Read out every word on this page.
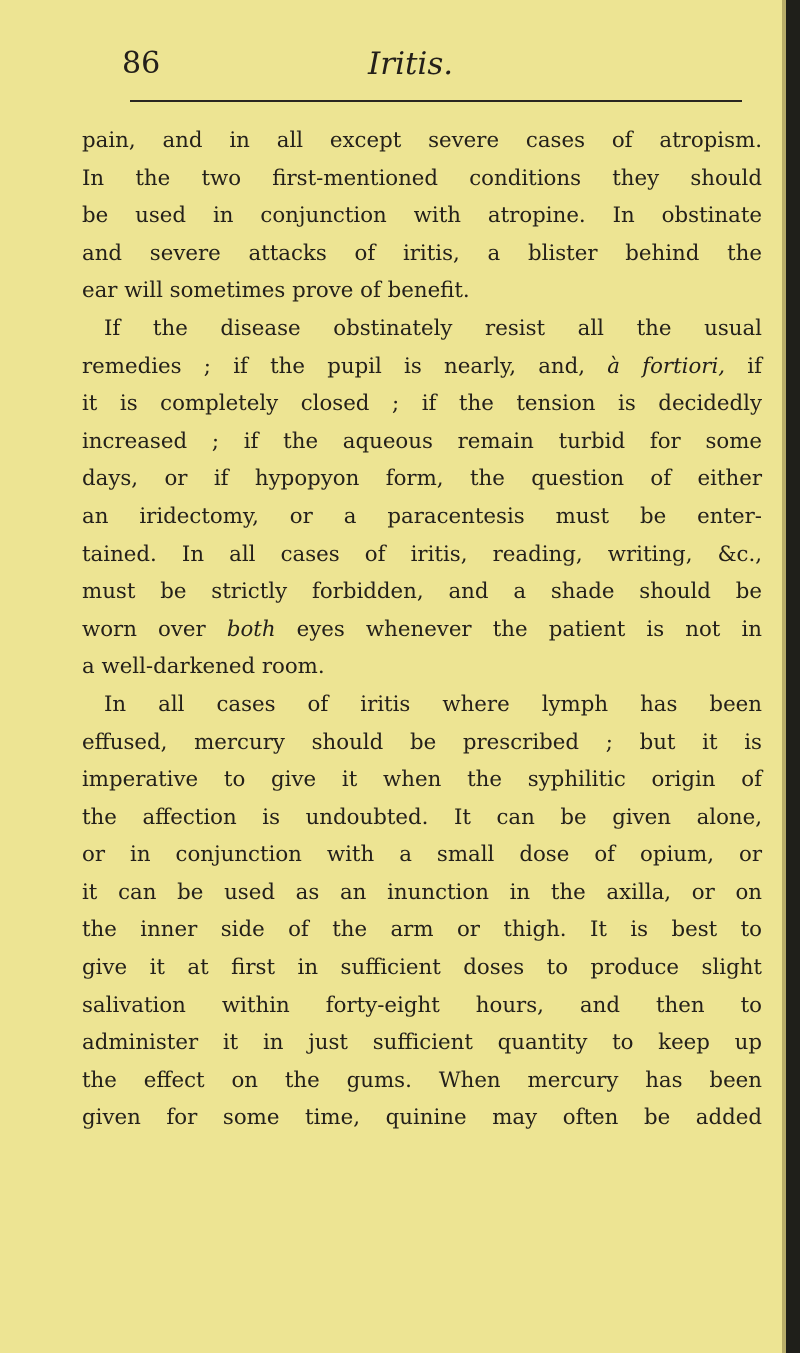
86	Iritis.
pain, and in all except severe cases of atropism.
In the two first-mentioned conditions they should
be used in conjunction with atropine. In obstinate
and severe attacks of iritis, a blister behind the
ear will sometimes prove of benefit.
If the disease obstinately resist all the usual
remedies ; if the pupil is nearly, and, à fortiori, if
it is completely closed ; if the tension is decidedly
increased ; if the aqueous remain turbid for some
days, or if hypopyon form, the question of either
an iridectomy, or a paracentesis must be enter-
tained. In all cases of iritis, reading, writing, &c.,
must be strictly forbidden, and a shade should be
worn over both eyes whenever the patient is not in
a well-darkened room.
In all cases of iritis where lymph has been
effused, mercury should be prescribed ; but it is
imperative to give it when the syphilitic origin of
the affection is undoubted. It can be given alone,
or in conjunction with a small dose of opium, or
it can be used as an inunction in the axilla, or on
the inner side of the arm or thigh. It is best to
give it at first in sufficient doses to produce slight
salivation within forty-eight hours, and then to
administer it in just sufficient quantity to keep up
the effect on the gums. When mercury has been
given for some time, quinine may often be added
